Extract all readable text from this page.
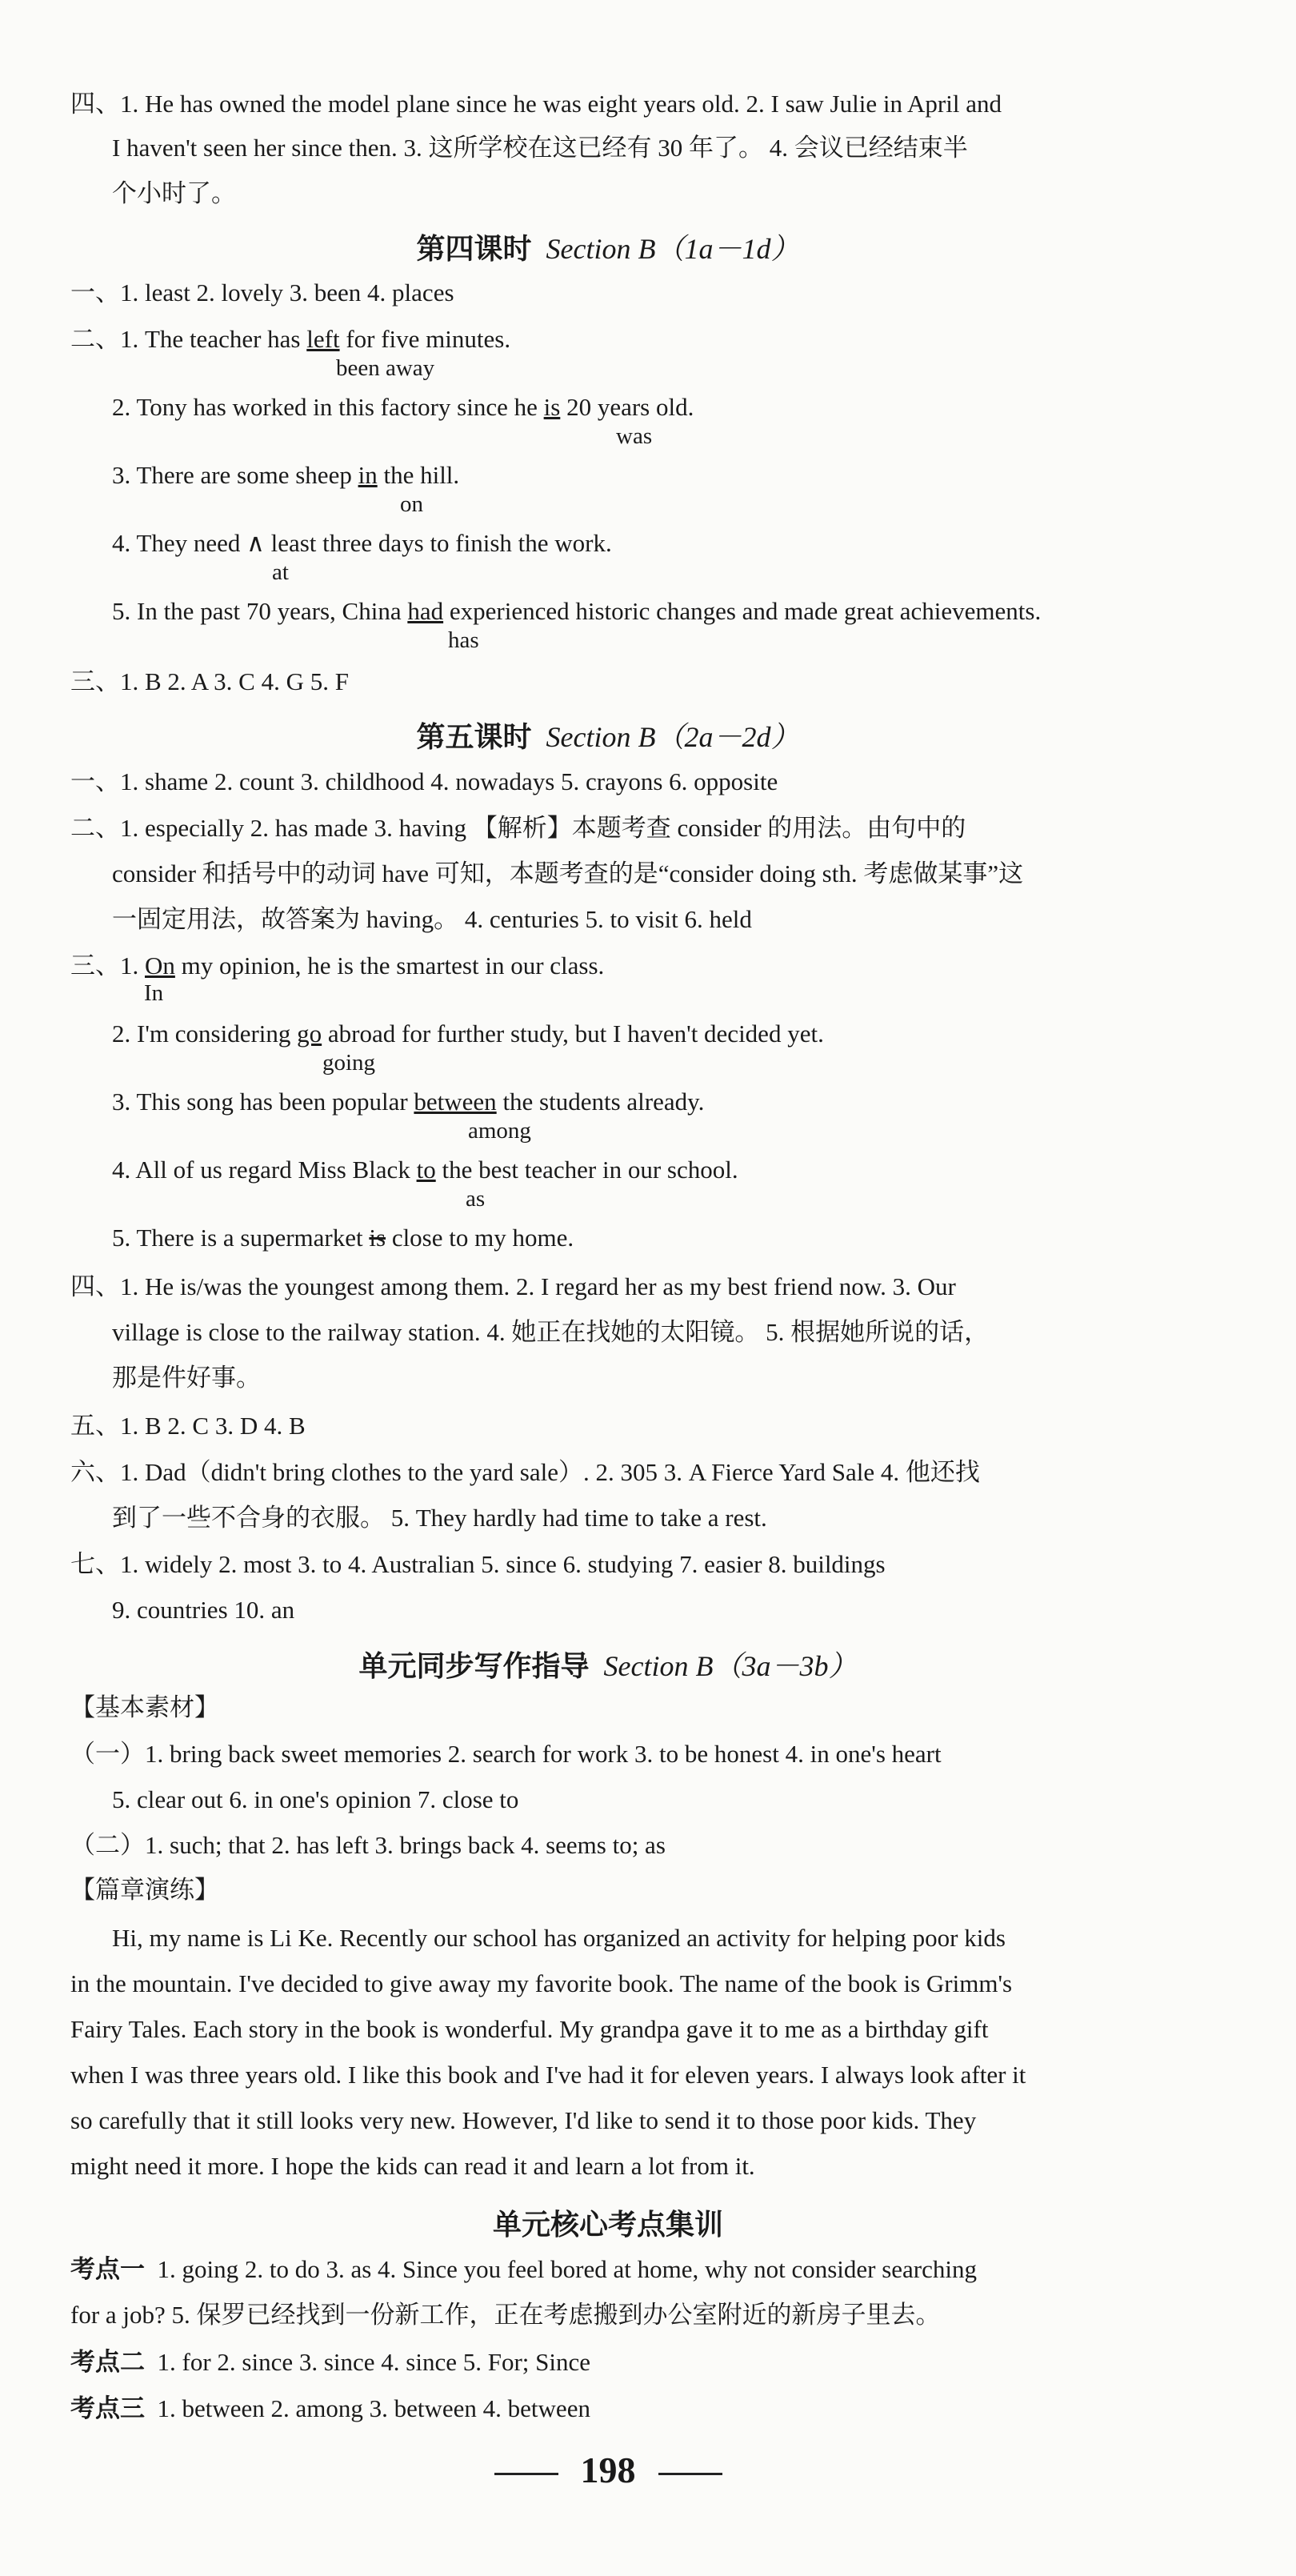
四、1. He has owned the model plane since he was eight years old. 2. I saw Julie in April and
I haven't seen her since then. 3. 这所学校在这已经有 30 年了。 4. 会议已经结束半
个小时了。
第四课时 Section B（1a－1d）
一、1. least 2. lovely 3. been 4. places
二、1. The teacher has left for five minutes.
been away
2. Tony has worked in this factory since he is 20 years old.
was
3. There are some sheep in the hill.
on
4. They need ∧ least three days to finish the work.
at
5. In the past 70 years, China had experienced historic changes and made great achievements.
has
三、1. B 2. A 3. C 4. G 5. F
第五课时 Section B（2a－2d）
一、1. shame 2. count 3. childhood 4. nowadays 5. crayons 6. opposite
二、1. especially 2. has made 3. having 【解析】本题考查 consider 的用法。由句中的
consider 和括号中的动词 have 可知，本题考查的是“consider doing sth. 考虑做某事”这
一固定用法，故答案为 having。 4. centuries 5. to visit 6. held
三、1. On my opinion, he is the smartest in our class.
In
2. I'm considering go abroad for further study, but I haven't decided yet.
going
3. This song has been popular between the students already.
among
4. All of us regard Miss Black to the best teacher in our school.
as
5. There is a supermarket is close to my home.
四、1. He is/was the youngest among them. 2. I regard her as my best friend now. 3. Our
village is close to the railway station. 4. 她正在找她的太阳镜。 5. 根据她所说的话，
那是件好事。
五、1. B 2. C 3. D 4. B
六、1. Dad（didn't bring clothes to the yard sale）. 2. 305 3. A Fierce Yard Sale 4. 他还找
到了一些不合身的衣服。 5. They hardly had time to take a rest.
七、1. widely 2. most 3. to 4. Australian 5. since 6. studying 7. easier 8. buildings
9. countries 10. an
单元同步写作指导 Section B（3a－3b）
【基本素材】
（一）1. bring back sweet memories 2. search for work 3. to be honest 4. in one's heart
5. clear out 6. in one's opinion 7. close to
（二）1. such; that 2. has left 3. brings back 4. seems to; as
【篇章演练】
Hi, my name is Li Ke. Recently our school has organized an activity for helping poor kids
in the mountain. I've decided to give away my favorite book. The name of the book is Grimm's
Fairy Tales. Each story in the book is wonderful. My grandpa gave it to me as a birthday gift
when I was three years old. I like this book and I've had it for eleven years. I always look after it
so carefully that it still looks very new. However, I'd like to send it to those poor kids. They
might need it more. I hope the kids can read it and learn a lot from it.
单元核心考点集训
考点一 1. going 2. to do 3. as 4. Since you feel bored at home, why not consider searching
for a job? 5. 保罗已经找到一份新工作，正在考虑搬到办公室附近的新房子里去。
考点二 1. for 2. since 3. since 4. since 5. For; Since
考点三 1. between 2. among 3. between 4. between
198
